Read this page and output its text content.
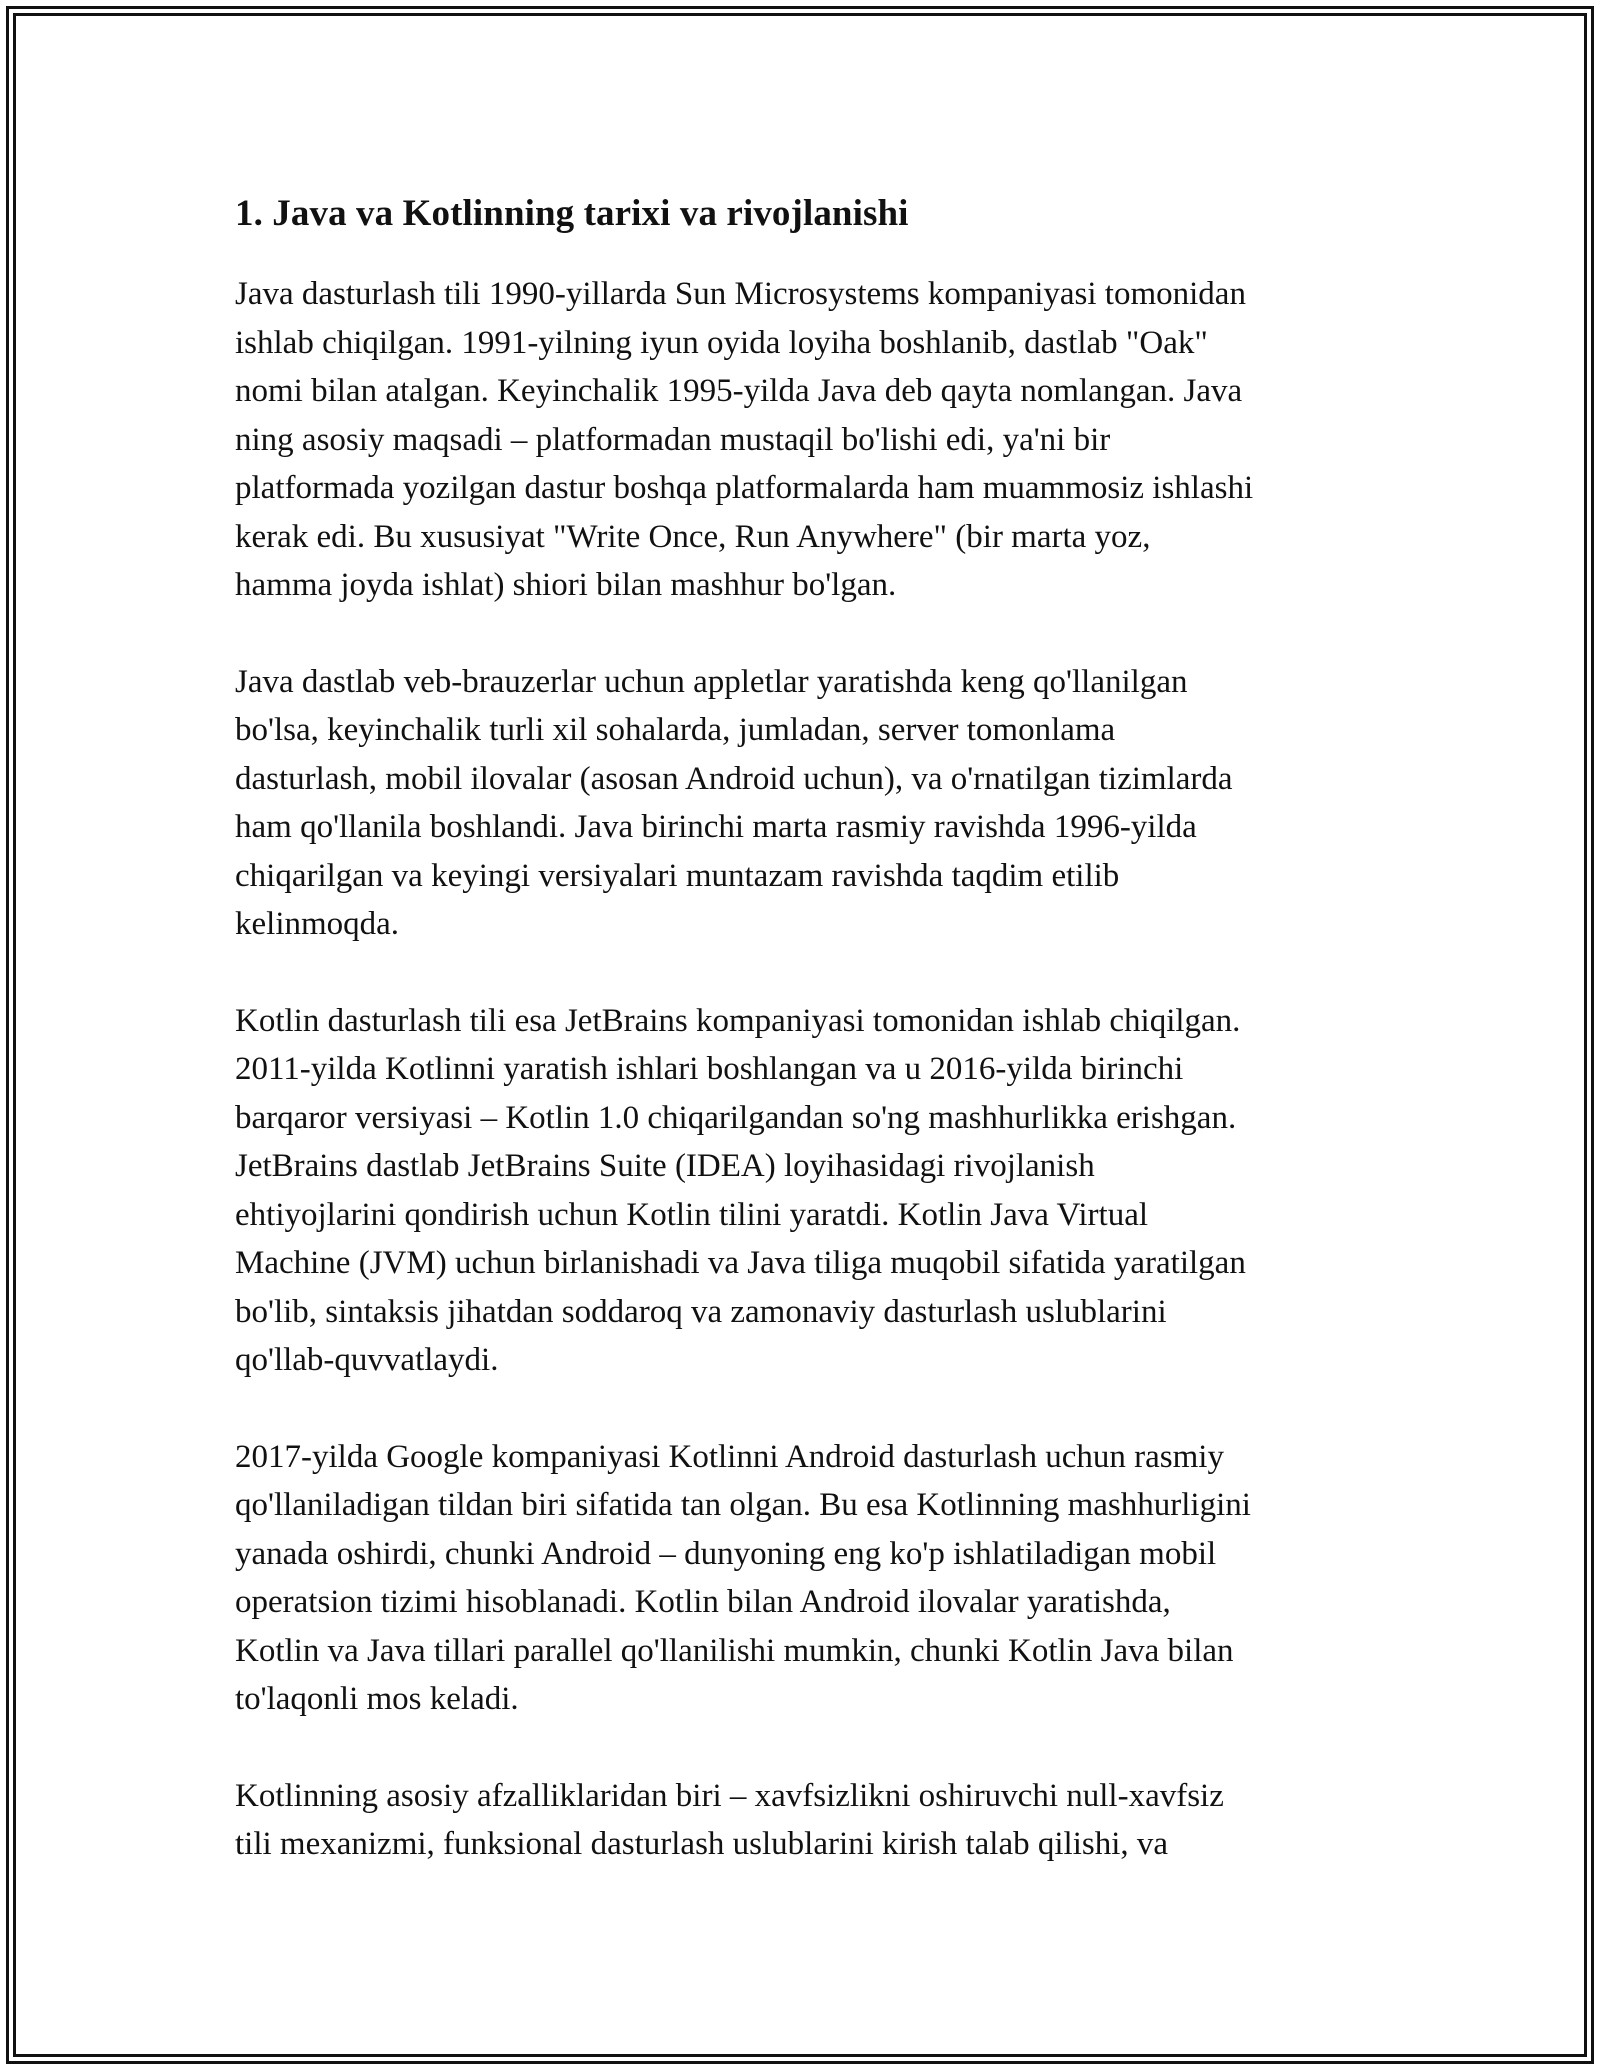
1. Java va Kotlinning tarixi va rivojlanishi

Java dasturlash tili 1990-yillarda Sun Microsystems kompaniyasi tomonidan
ishlab chiqilgan. 1991-yilning iyun oyida loyiha boshlanib, dastlab "Oak"
nomi bilan atalgan. Keyinchalik 1995-yilda Java deb qayta nomlangan. Java
ning asosiy maqsadi – platformadan mustaqil bo'lishi edi, ya'ni bir
platformada yozilgan dastur boshqa platformalarda ham muammosiz ishlashi
kerak edi. Bu xususiyat "Write Once, Run Anywhere" (bir marta yoz,
hamma joyda ishlat) shiori bilan mashhur bo'lgan.

Java dastlab veb-brauzerlar uchun appletlar yaratishda keng qo'llanilgan
bo'lsa, keyinchalik turli xil sohalarda, jumladan, server tomonlama
dasturlash, mobil ilovalar (asosan Android uchun), va o'rnatilgan tizimlarda
ham qo'llanila boshlandi. Java birinchi marta rasmiy ravishda 1996-yilda
chiqarilgan va keyingi versiyalari muntazam ravishda taqdim etilib
kelinmoqda.

Kotlin dasturlash tili esa JetBrains kompaniyasi tomonidan ishlab chiqilgan.
2011-yilda Kotlinni yaratish ishlari boshlangan va u 2016-yilda birinchi
barqaror versiyasi – Kotlin 1.0 chiqarilgandan so'ng mashhurlikka erishgan.
JetBrains dastlab JetBrains Suite (IDEA) loyihasidagi rivojlanish
ehtiyojlarini qondirish uchun Kotlin tilini yaratdi. Kotlin Java Virtual
Machine (JVM) uchun birlanishadi va Java tiliga muqobil sifatida yaratilgan
bo'lib, sintaksis jihatdan soddaroq va zamonaviy dasturlash uslublarini
qo'llab-quvvatlaydi.

2017-yilda Google kompaniyasi Kotlinni Android dasturlash uchun rasmiy
qo'llaniladigan tildan biri sifatida tan olgan. Bu esa Kotlinning mashhurligini
yanada oshirdi, chunki Android – dunyoning eng ko'p ishlatiladigan mobil
operatsion tizimi hisoblanadi. Kotlin bilan Android ilovalar yaratishda,
Kotlin va Java tillari parallel qo'llanilishi mumkin, chunki Kotlin Java bilan
to'laqonli mos keladi.

Kotlinning asosiy afzalliklaridan biri – xavfsizlikni oshiruvchi null-xavfsiz
tili mexanizmi, funksional dasturlash uslublarini kirish talab qilishi, va
